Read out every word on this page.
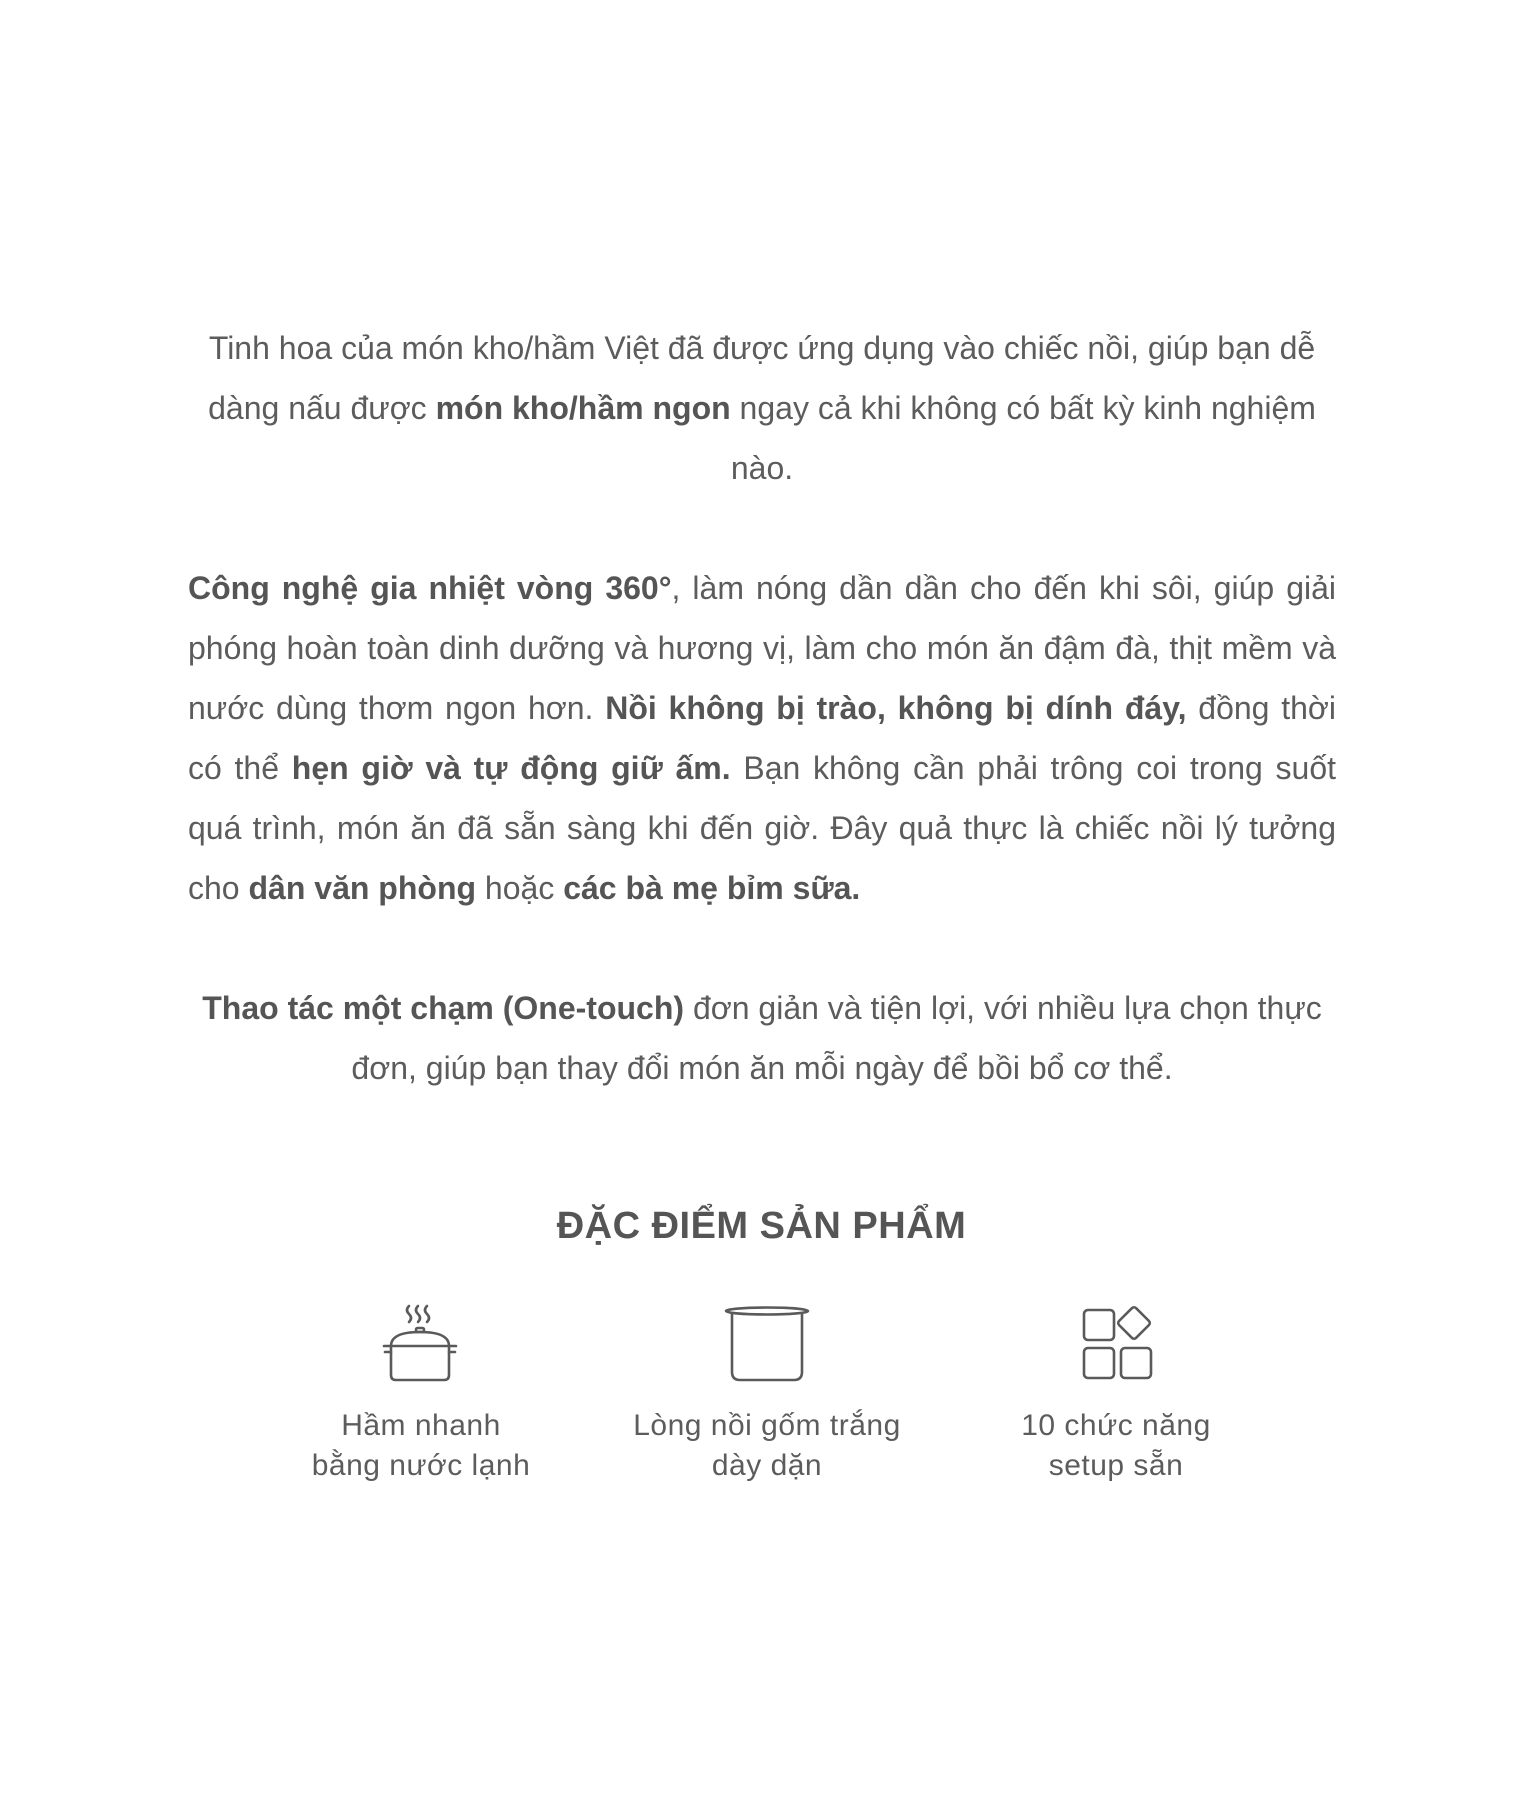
Tinh hoa của món kho/hầm Việt đã được ứng dụng vào chiếc nồi, giúp bạn dễ dàng nấu được món kho/hầm ngon ngay cả khi không có bất kỳ kinh nghiệm nào.

Công nghệ gia nhiệt vòng 360°, làm nóng dần dần cho đến khi sôi, giúp giải phóng hoàn toàn dinh dưỡng và hương vị, làm cho món ăn đậm đà, thịt mềm và nước dùng thơm ngon hơn. Nồi không bị trào, không bị dính đáy, đồng thời có thể hẹn giờ và tự động giữ ấm. Bạn không cần phải trông coi trong suốt quá trình, món ăn đã sẵn sàng khi đến giờ. Đây quả thực là chiếc nồi lý tưởng cho dân văn phòng hoặc các bà mẹ bỉm sữa.

Thao tác một chạm (One-touch) đơn giản và tiện lợi, với nhiều lựa chọn thực đơn, giúp bạn thay đổi món ăn mỗi ngày để bồi bổ cơ thể.

ĐẶC ĐIỂM SẢN PHẨM
Hầm nhanh
bằng nước lạnh
Lòng nồi gốm trắng
dày dặn
10 chức năng
setup sẵn
